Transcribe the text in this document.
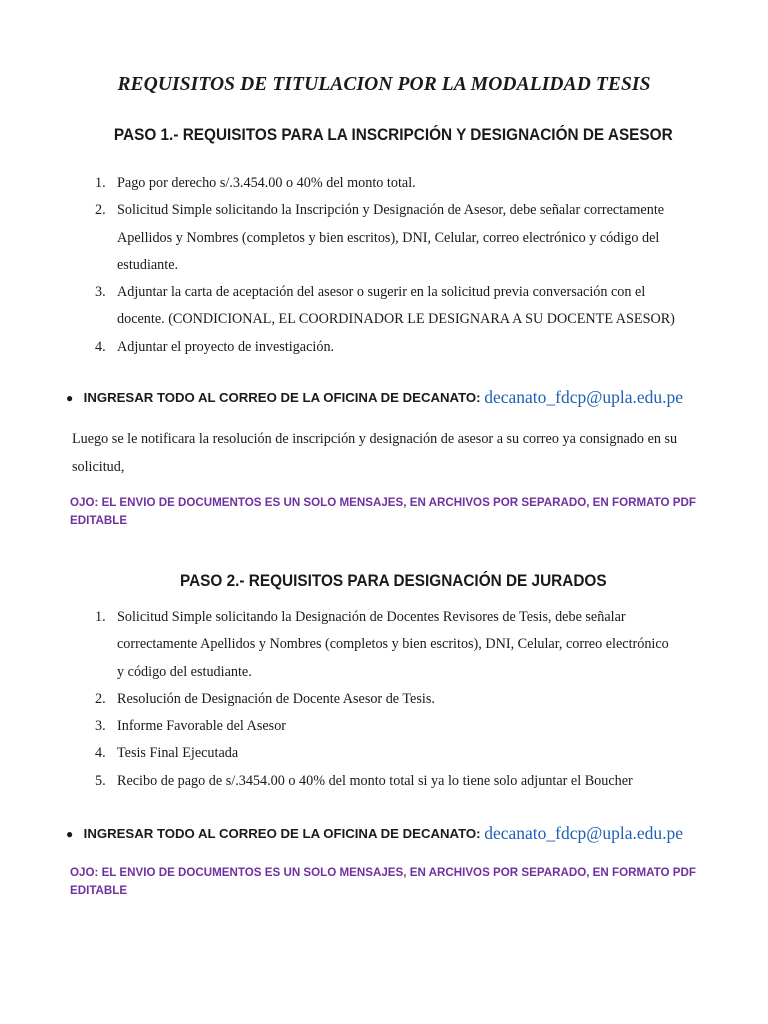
REQUISITOS DE TITULACION POR LA MODALIDAD TESIS
PASO 1.- REQUISITOS PARA LA INSCRIPCIÓN Y DESIGNACIÓN DE ASESOR
1. Pago por derecho s/.3.454.00 o 40% del monto total.
2. Solicitud Simple solicitando la Inscripción y Designación de Asesor, debe señalar correctamente Apellidos y Nombres (completos y bien escritos), DNI, Celular, correo electrónico y código del estudiante.
3. Adjuntar la carta de aceptación del asesor o sugerir en la solicitud previa conversación con el docente. (CONDICIONAL, EL COORDINADOR LE DESIGNARA A SU DOCENTE ASESOR)
4. Adjuntar el proyecto de investigación.
● INGRESAR TODO AL CORREO DE LA OFICINA DE DECANATO: decanato_fdcp@upla.edu.pe
Luego se le notificara la resolución de inscripción y designación de asesor a su correo ya consignado en su solicitud,
OJO: EL ENVIO DE DOCUMENTOS ES UN SOLO MENSAJES, EN ARCHIVOS POR SEPARADO, EN FORMATO PDF EDITABLE
PASO 2.- REQUISITOS PARA DESIGNACIÓN DE JURADOS
1. Solicitud Simple solicitando la Designación de Docentes Revisores de Tesis, debe señalar correctamente Apellidos y Nombres (completos y bien escritos), DNI, Celular, correo electrónico y código del estudiante.
2. Resolución de Designación de Docente Asesor de Tesis.
3. Informe Favorable del Asesor
4. Tesis Final Ejecutada
5. Recibo de pago de s/.3454.00 o 40% del monto total si ya lo tiene solo adjuntar el Boucher
● INGRESAR TODO AL CORREO DE LA OFICINA DE DECANATO: decanato_fdcp@upla.edu.pe
OJO: EL ENVIO DE DOCUMENTOS ES UN SOLO MENSAJES, EN ARCHIVOS POR SEPARADO, EN FORMATO PDF EDITABLE
